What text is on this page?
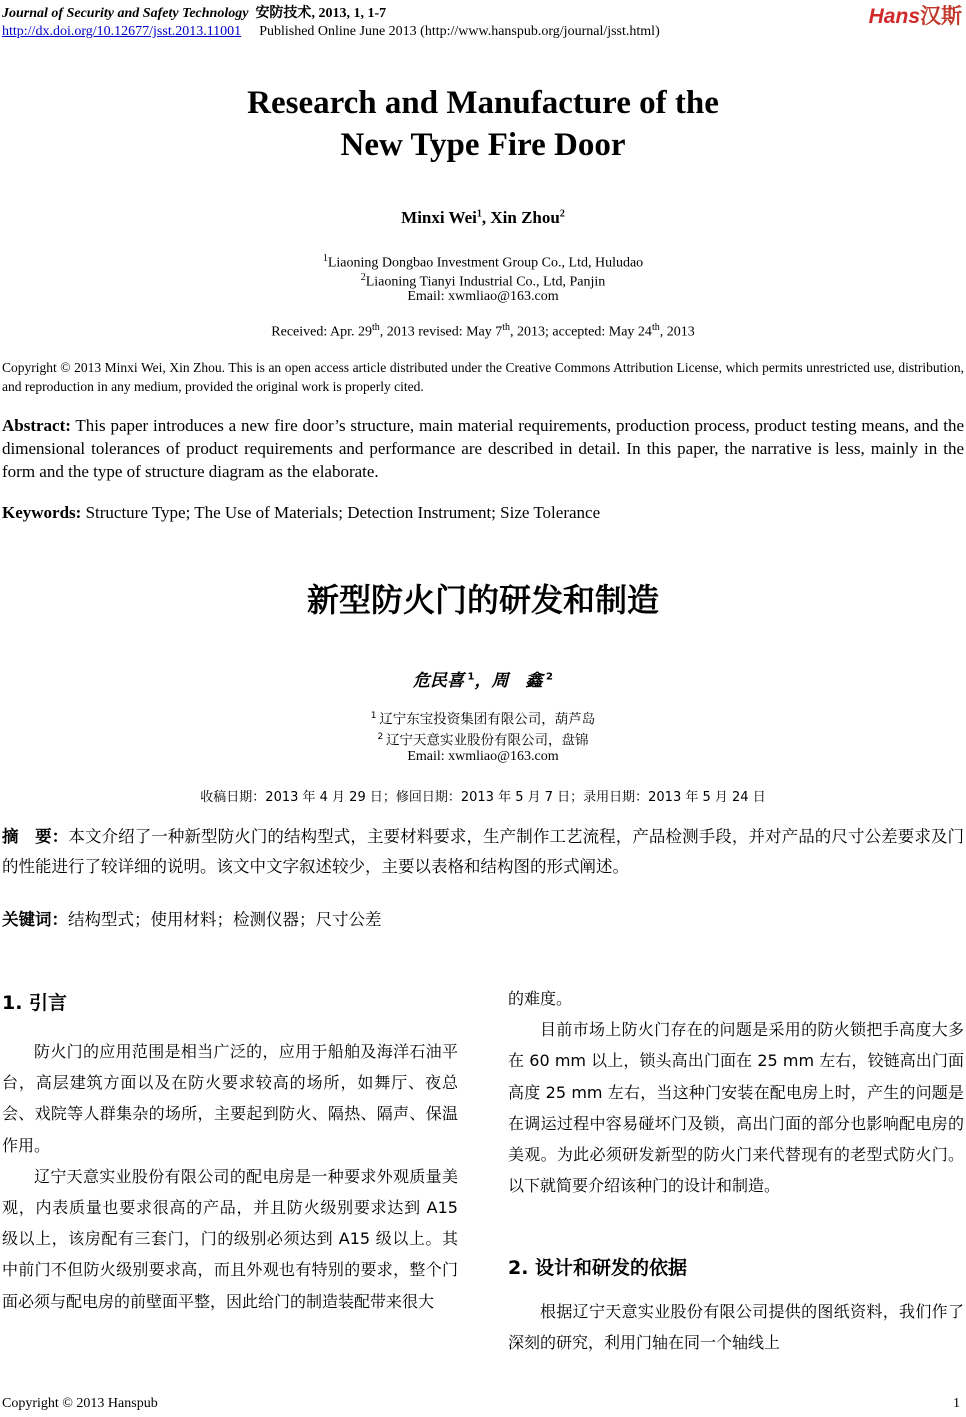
Journal of Security and Safety Technology 安防技术, 2013, 1, 1-7
http://dx.doi.org/10.12677/jsst.2013.11001 Published Online June 2013 (http://www.hanspub.org/journal/jsst.html)
Hans汉斯
Research and Manufacture of the
New Type Fire Door
Minxi Wei$^1$, Xin Zhou$^2$
$^1$Liaoning Dongbao Investment Group Co., Ltd, Huludao
$^2$Liaoning Tianyi Industrial Co., Ltd, Panjin
Email: xwmliao@163.com
Received: Apr. 29th, 2013 revised: May 7th, 2013; accepted: May 24th, 2013
Copyright © 2013 Minxi Wei, Xin Zhou. This is an open access article distributed under the Creative Commons Attribution License, which permits unrestricted use, distribution, and reproduction in any medium, provided the original work is properly cited.
Abstract: This paper introduces a new fire door’s structure, main material requirements, production process, product testing means, and the dimensional tolerances of product requirements and performance are described in detail. In this paper, the narrative is less, mainly in the form and the type of structure diagram as the elaborate.
Keywords: Structure Type; The Use of Materials; Detection Instrument; Size Tolerance
新型防火门的研发和制造
危民喜 $^1$，周　鑫 $^2$
$^1$ 辽宁东宝投资集团有限公司，葫芦岛
$^2$ 辽宁天意实业股份有限公司，盘锦
Email: xwmliao@163.com
收稿日期：2013 年 4 月 29 日；修回日期：2013 年 5 月 7 日；录用日期：2013 年 5 月 24 日
摘　要：本文介绍了一种新型防火门的结构型式，主要材料要求，生产制作工艺流程，产品检测手段，并对产品的尺寸公差要求及门的性能进行了较详细的说明。该文中文字叙述较少，主要以表格和结构图的形式阐述。
关键词：结构型式；使用材料；检测仪器；尺寸公差
1. 引言

防火门的应用范围是相当广泛的，应用于船舶及海洋石油平台，高层建筑方面以及在防火要求较高的场所，如舞厅、夜总会、戏院等人群集杂的场所，主要起到防火、隔热、隔声、保温作用。

辽宁天意实业股份有限公司的配电房是一种要求外观质量美观，内表质量也要求很高的产品，并且防火级别要求达到 A15 级以上，该房配有三套门，门的级别必须达到 A15 级以上。其中前门不但防火级别要求高，而且外观也有特别的要求，整个门面必须与配电房的前壁面平整，因此给门的制造装配带来很大

的难度。

目前市场上防火门存在的问题是采用的防火锁把手高度大多在 60 mm 以上，锁头高出门面在 25 mm 左右，铰链高出门面高度 25 mm 左右，当这种门安装在配电房上时，产生的问题是在调运过程中容易碰坏门及锁，高出门面的部分也影响配电房的美观。为此必须研发新型的防火门来代替现有的老型式防火门。以下就简要介绍该种门的设计和制造。

2. 设计和研发的依据

根据辽宁天意实业股份有限公司提供的图纸资料，我们作了深刻的研究，利用门轴在同一个轴线上

Copyright © 2013 Hanspub	1
